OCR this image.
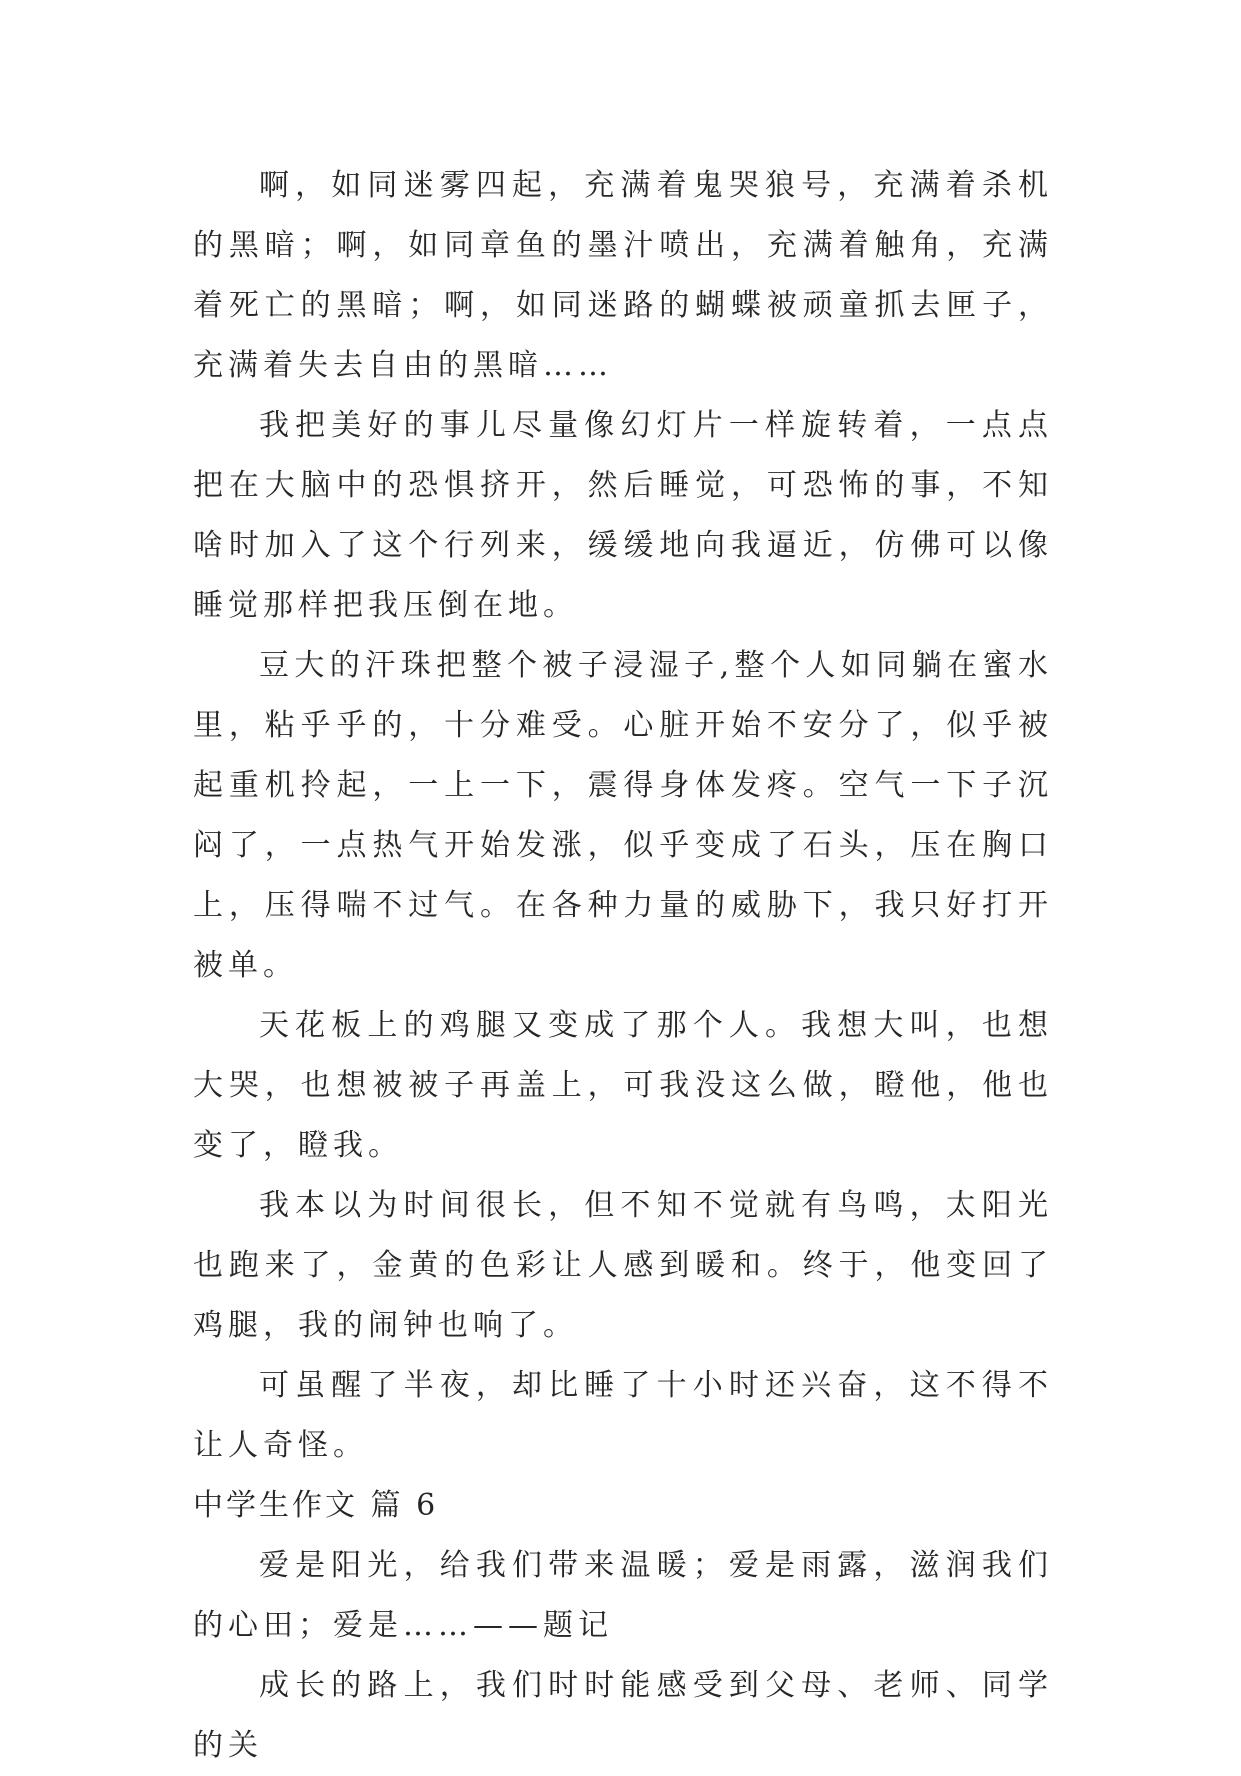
啊，如同迷雾四起，充满着鬼哭狼号，充满着杀机的黑暗；啊，如同章鱼的墨汁喷出，充满着触角，充满着死亡的黑暗；啊，如同迷路的蝴蝶被顽童抓去匣子，充满着失去自由的黑暗……

我把美好的事儿尽量像幻灯片一样旋转着，一点点把在大脑中的恐惧挤开，然后睡觉，可恐怖的事，不知啥时加入了这个行列来，缓缓地向我逼近，仿佛可以像睡觉那样把我压倒在地。

豆大的汗珠把整个被子浸湿子,整个人如同躺在蜜水里，粘乎乎的，十分难受。心脏开始不安分了，似乎被起重机拎起，一上一下，震得身体发疼。空气一下子沉闷了，一点热气开始发涨，似乎变成了石头，压在胸口上，压得喘不过气。在各种力量的威胁下，我只好打开被单。

天花板上的鸡腿又变成了那个人。我想大叫，也想大哭，也想被被子再盖上，可我没这么做，瞪他，他也变了，瞪我。

我本以为时间很长，但不知不觉就有鸟鸣，太阳光也跑来了，金黄的色彩让人感到暖和。终于，他变回了鸡腿，我的闹钟也响了。

可虽醒了半夜，却比睡了十小时还兴奋，这不得不让人奇怪。

中学生作文 篇 6

爱是阳光，给我们带来温暖；爱是雨露，滋润我们的心田；爱是……——题记

成长的路上，我们时时能感受到父母、老师、同学的关
